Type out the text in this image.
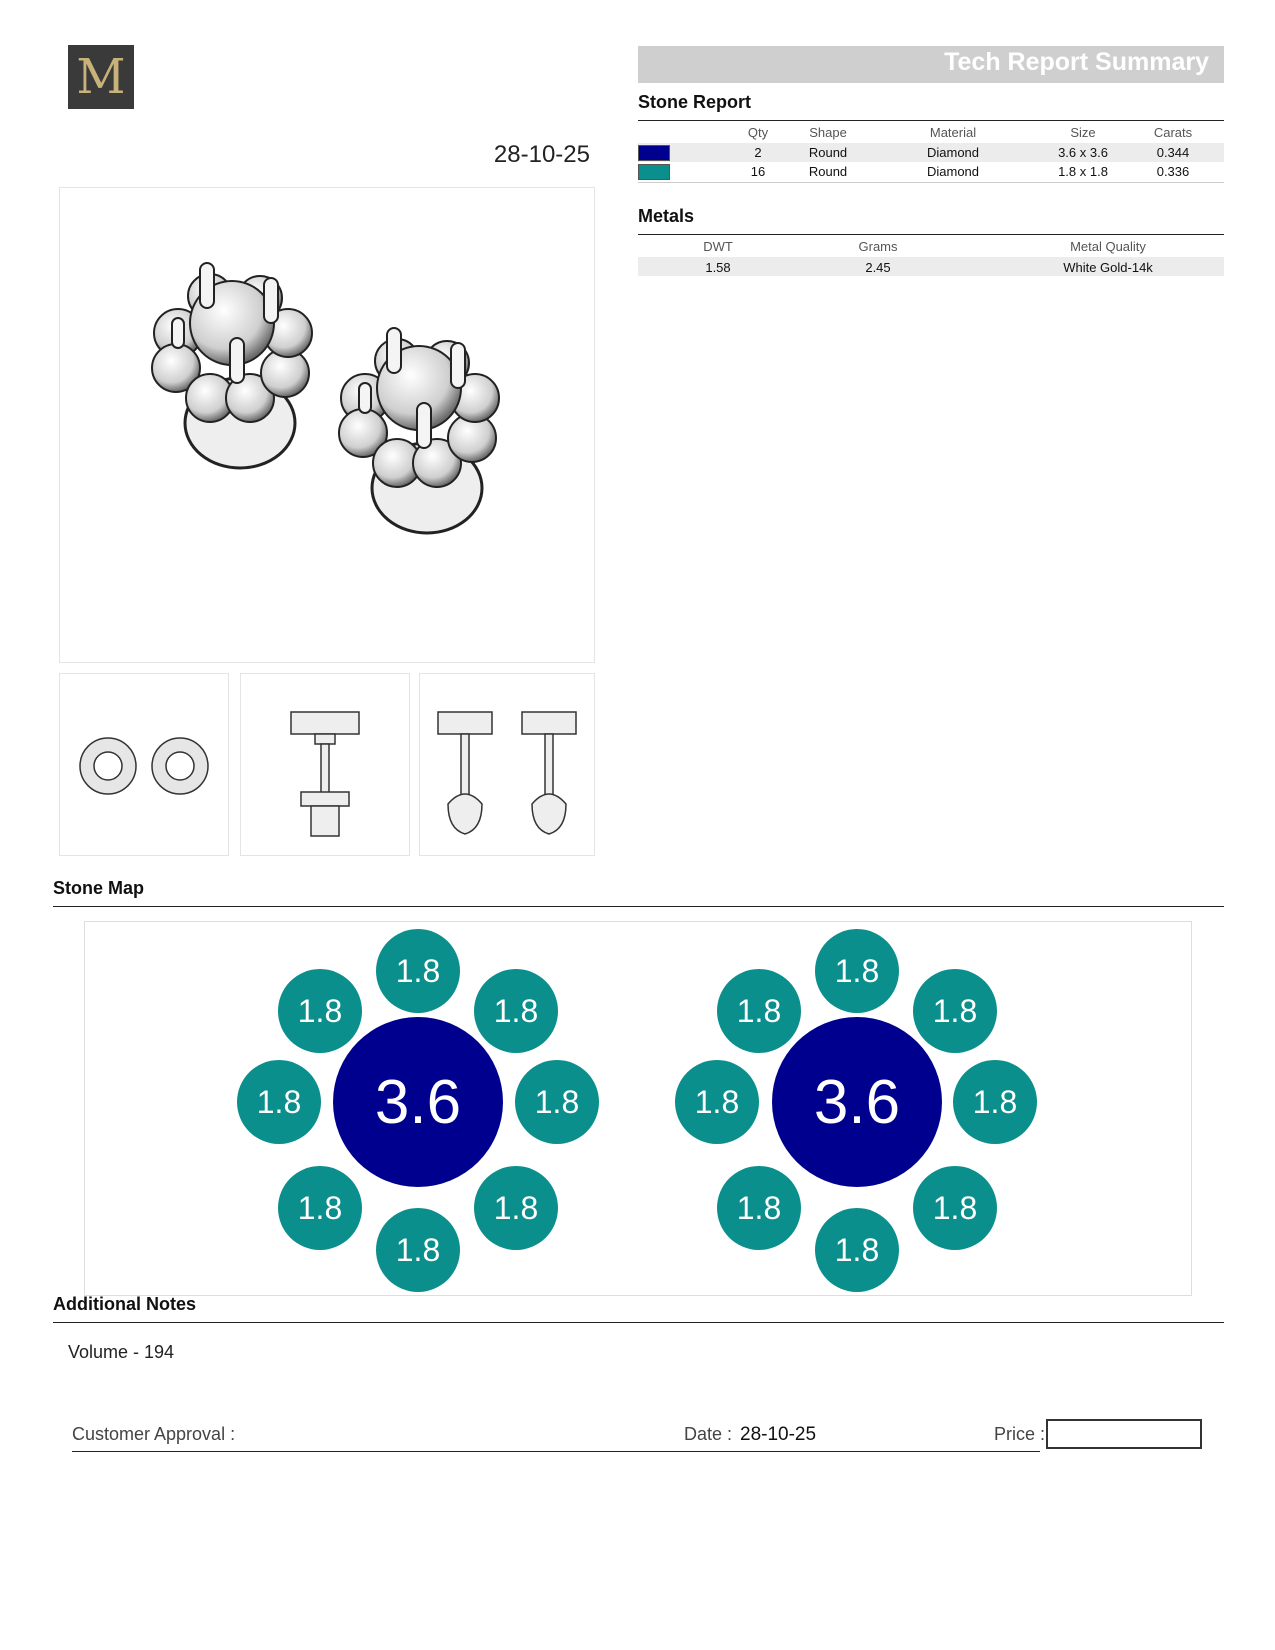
M
28-10-25
Tech Report Summary
Stone Report
Qty	Shape	Material	Size	Carats
2	Round	Diamond	3.6 x 3.6	0.344
16	Round	Diamond	1.8 x 1.8	0.336
Metals
DWT	Grams	Metal Quality
1.58	2.45	White Gold-14k
Stone Map
3.6
1.8
1.8	1.8
1.8	1.8
1.8	1.8
1.8
3.6
1.8
1.8	1.8
1.8	1.8
1.8	1.8
1.8
Additional Notes
Volume - 194
Customer Approval :	Date : 28-10-25	Price :
